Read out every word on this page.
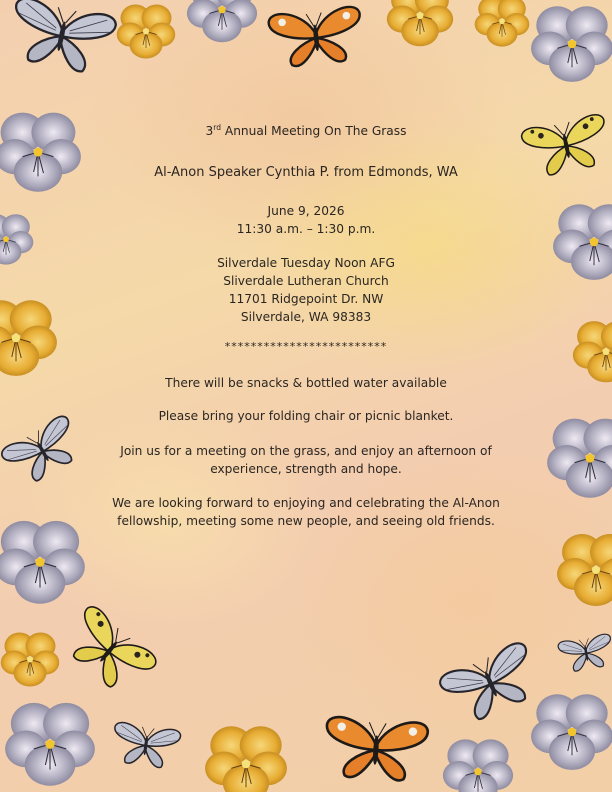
3rd Annual Meeting On The Grass

Al-Anon Speaker Cynthia P. from Edmonds, WA

June 9, 2026

11:30 a.m. – 1:30 p.m.

Silverdale Tuesday Noon AFG

Sliverdale Lutheran Church

11701 Ridgepoint Dr. NW

Silverdale, WA 98383

*************************

There will be snacks & bottled water available

Please bring your folding chair or picnic blanket.

Join us for a meeting on the grass, and enjoy an afternoon of experience, strength and hope.

We are looking forward to enjoying and celebrating the Al-Anon fellowship, meeting some new people, and seeing old friends.
